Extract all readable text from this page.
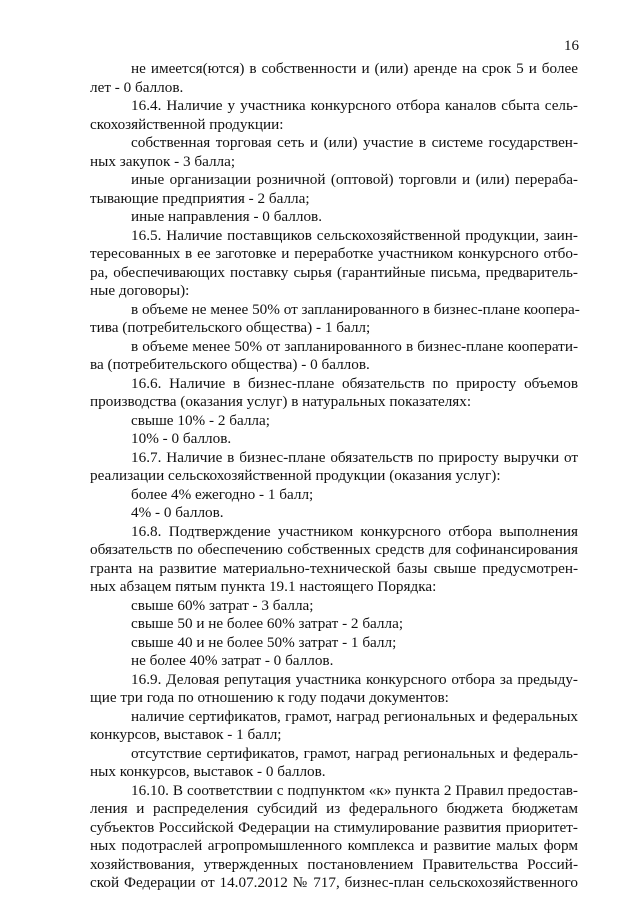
16
не имеется(ются) в собственности и (или) аренде на срок 5 и более
лет - 0 баллов.
16.4. Наличие у участника конкурсного отбора каналов сбыта сель-
скохозяйственной продукции:
собственная торговая сеть и (или) участие в системе государствен-
ных закупок - 3 балла;
иные организации розничной (оптовой) торговли и (или) перераба-
тывающие предприятия - 2 балла;
иные направления - 0 баллов.
16.5. Наличие поставщиков сельскохозяйственной продукции, заин-
тересованных в ее заготовке и переработке участником конкурсного отбо-
ра, обеспечивающих поставку сырья (гарантийные письма, предваритель-
ные договоры):
в объеме не менее 50% от запланированного в бизнес-плане коопера-
тива (потребительского общества) - 1 балл;
в объеме менее 50% от запланированного в бизнес-плане кооперати-
ва (потребительского общества) - 0 баллов.
16.6. Наличие в бизнес-плане обязательств по приросту объемов
производства (оказания услуг) в натуральных показателях:
свыше 10% - 2 балла;
10% - 0 баллов.
16.7. Наличие в бизнес-плане обязательств по приросту выручки от
реализации сельскохозяйственной продукции (оказания услуг):
более 4% ежегодно - 1 балл;
4% - 0 баллов.
16.8. Подтверждение участником конкурсного отбора выполнения
обязательств по обеспечению собственных средств для софинансирования
гранта на развитие материально-технической базы свыше предусмотрен-
ных абзацем пятым пункта 19.1 настоящего Порядка:
свыше 60% затрат - 3 балла;
свыше 50 и не более 60% затрат - 2 балла;
свыше 40 и не более 50% затрат - 1 балл;
не более 40% затрат - 0 баллов.
16.9. Деловая репутация участника конкурсного отбора за предыду-
щие три года по отношению к году подачи документов:
наличие сертификатов, грамот, наград региональных и федеральных
конкурсов, выставок - 1 балл;
отсутствие сертификатов, грамот, наград региональных и федераль-
ных конкурсов, выставок - 0 баллов.
16.10. В соответствии с подпунктом «к» пункта 2 Правил предостав-
ления и распределения субсидий из федерального бюджета бюджетам
субъектов Российской Федерации на стимулирование развития приоритет-
ных подотраслей агропромышленного комплекса и развитие малых форм
хозяйствования, утвержденных постановлением Правительства Россий-
ской Федерации от 14.07.2012 № 717, бизнес-план сельскохозяйственного
